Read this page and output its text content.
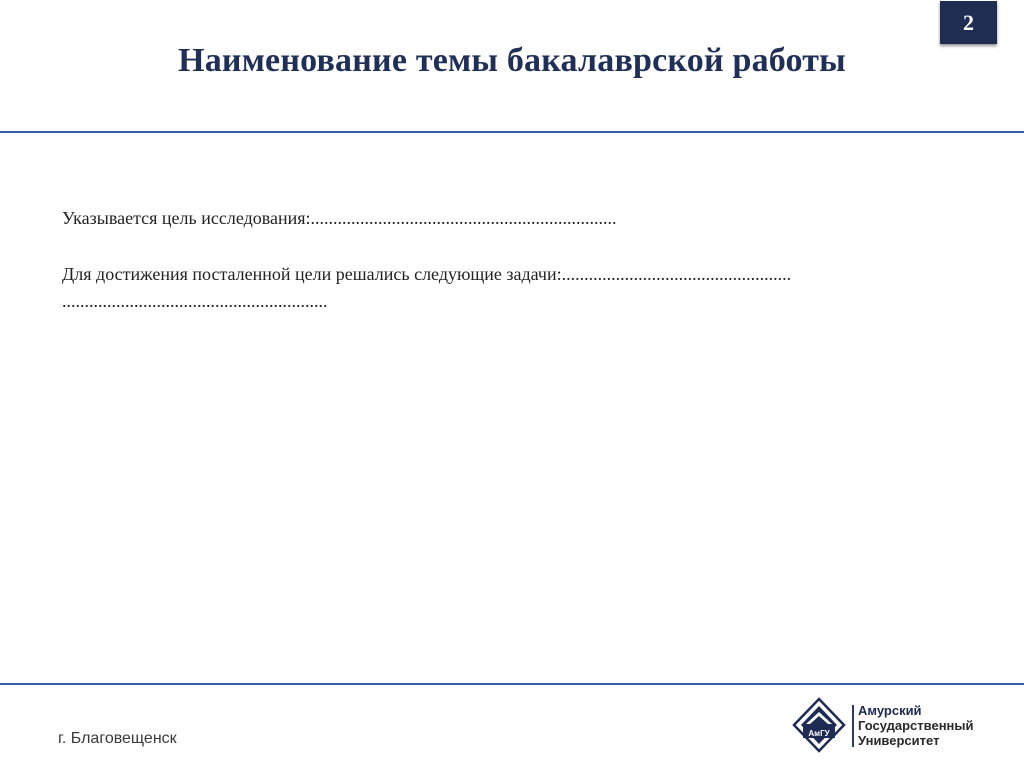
Наименование темы бакалаврской работы
2
Указывается цель исследования:....................................................................
Для достижения посталенной цели решались следующие задачи:...................................................
...........................................................
г. Благовещенск	АмГУ
Амурский
Государственный
Университет
